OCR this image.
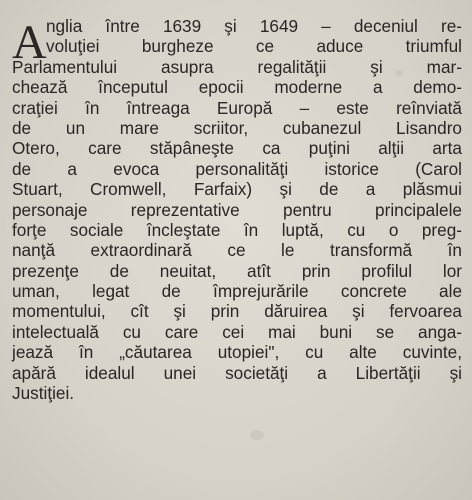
A nglia între 1639 şi 1649 – deceniul re-
voluţiei burgheze ce aduce triumful
Parlamentului asupra regalităţii şi mar-
chează începutul epocii moderne a demo-
craţiei în întreaga Europă – este reînviată
de un mare scriitor, cubanezul Lisandro
Otero, care stăpâneşte ca puţini alţii arta
de a evoca personalităţi istorice (Carol
Stuart, Cromwell, Farfaix) şi de a plăsmui
personaje reprezentative pentru principalele
forţe sociale încleştate în luptă, cu o preg-
nanţă extraordinară ce le transformă în
prezenţe de neuitat, atît prin profilul lor
uman, legat de împrejurările concrete ale
momentului, cît şi prin dăruirea şi fervoarea
intelectuală cu care cei mai buni se anga-
jează în „căutarea utopiei", cu alte cuvinte,
apără idealul unei societăţi a Libertăţii şi
Justiţiei.
